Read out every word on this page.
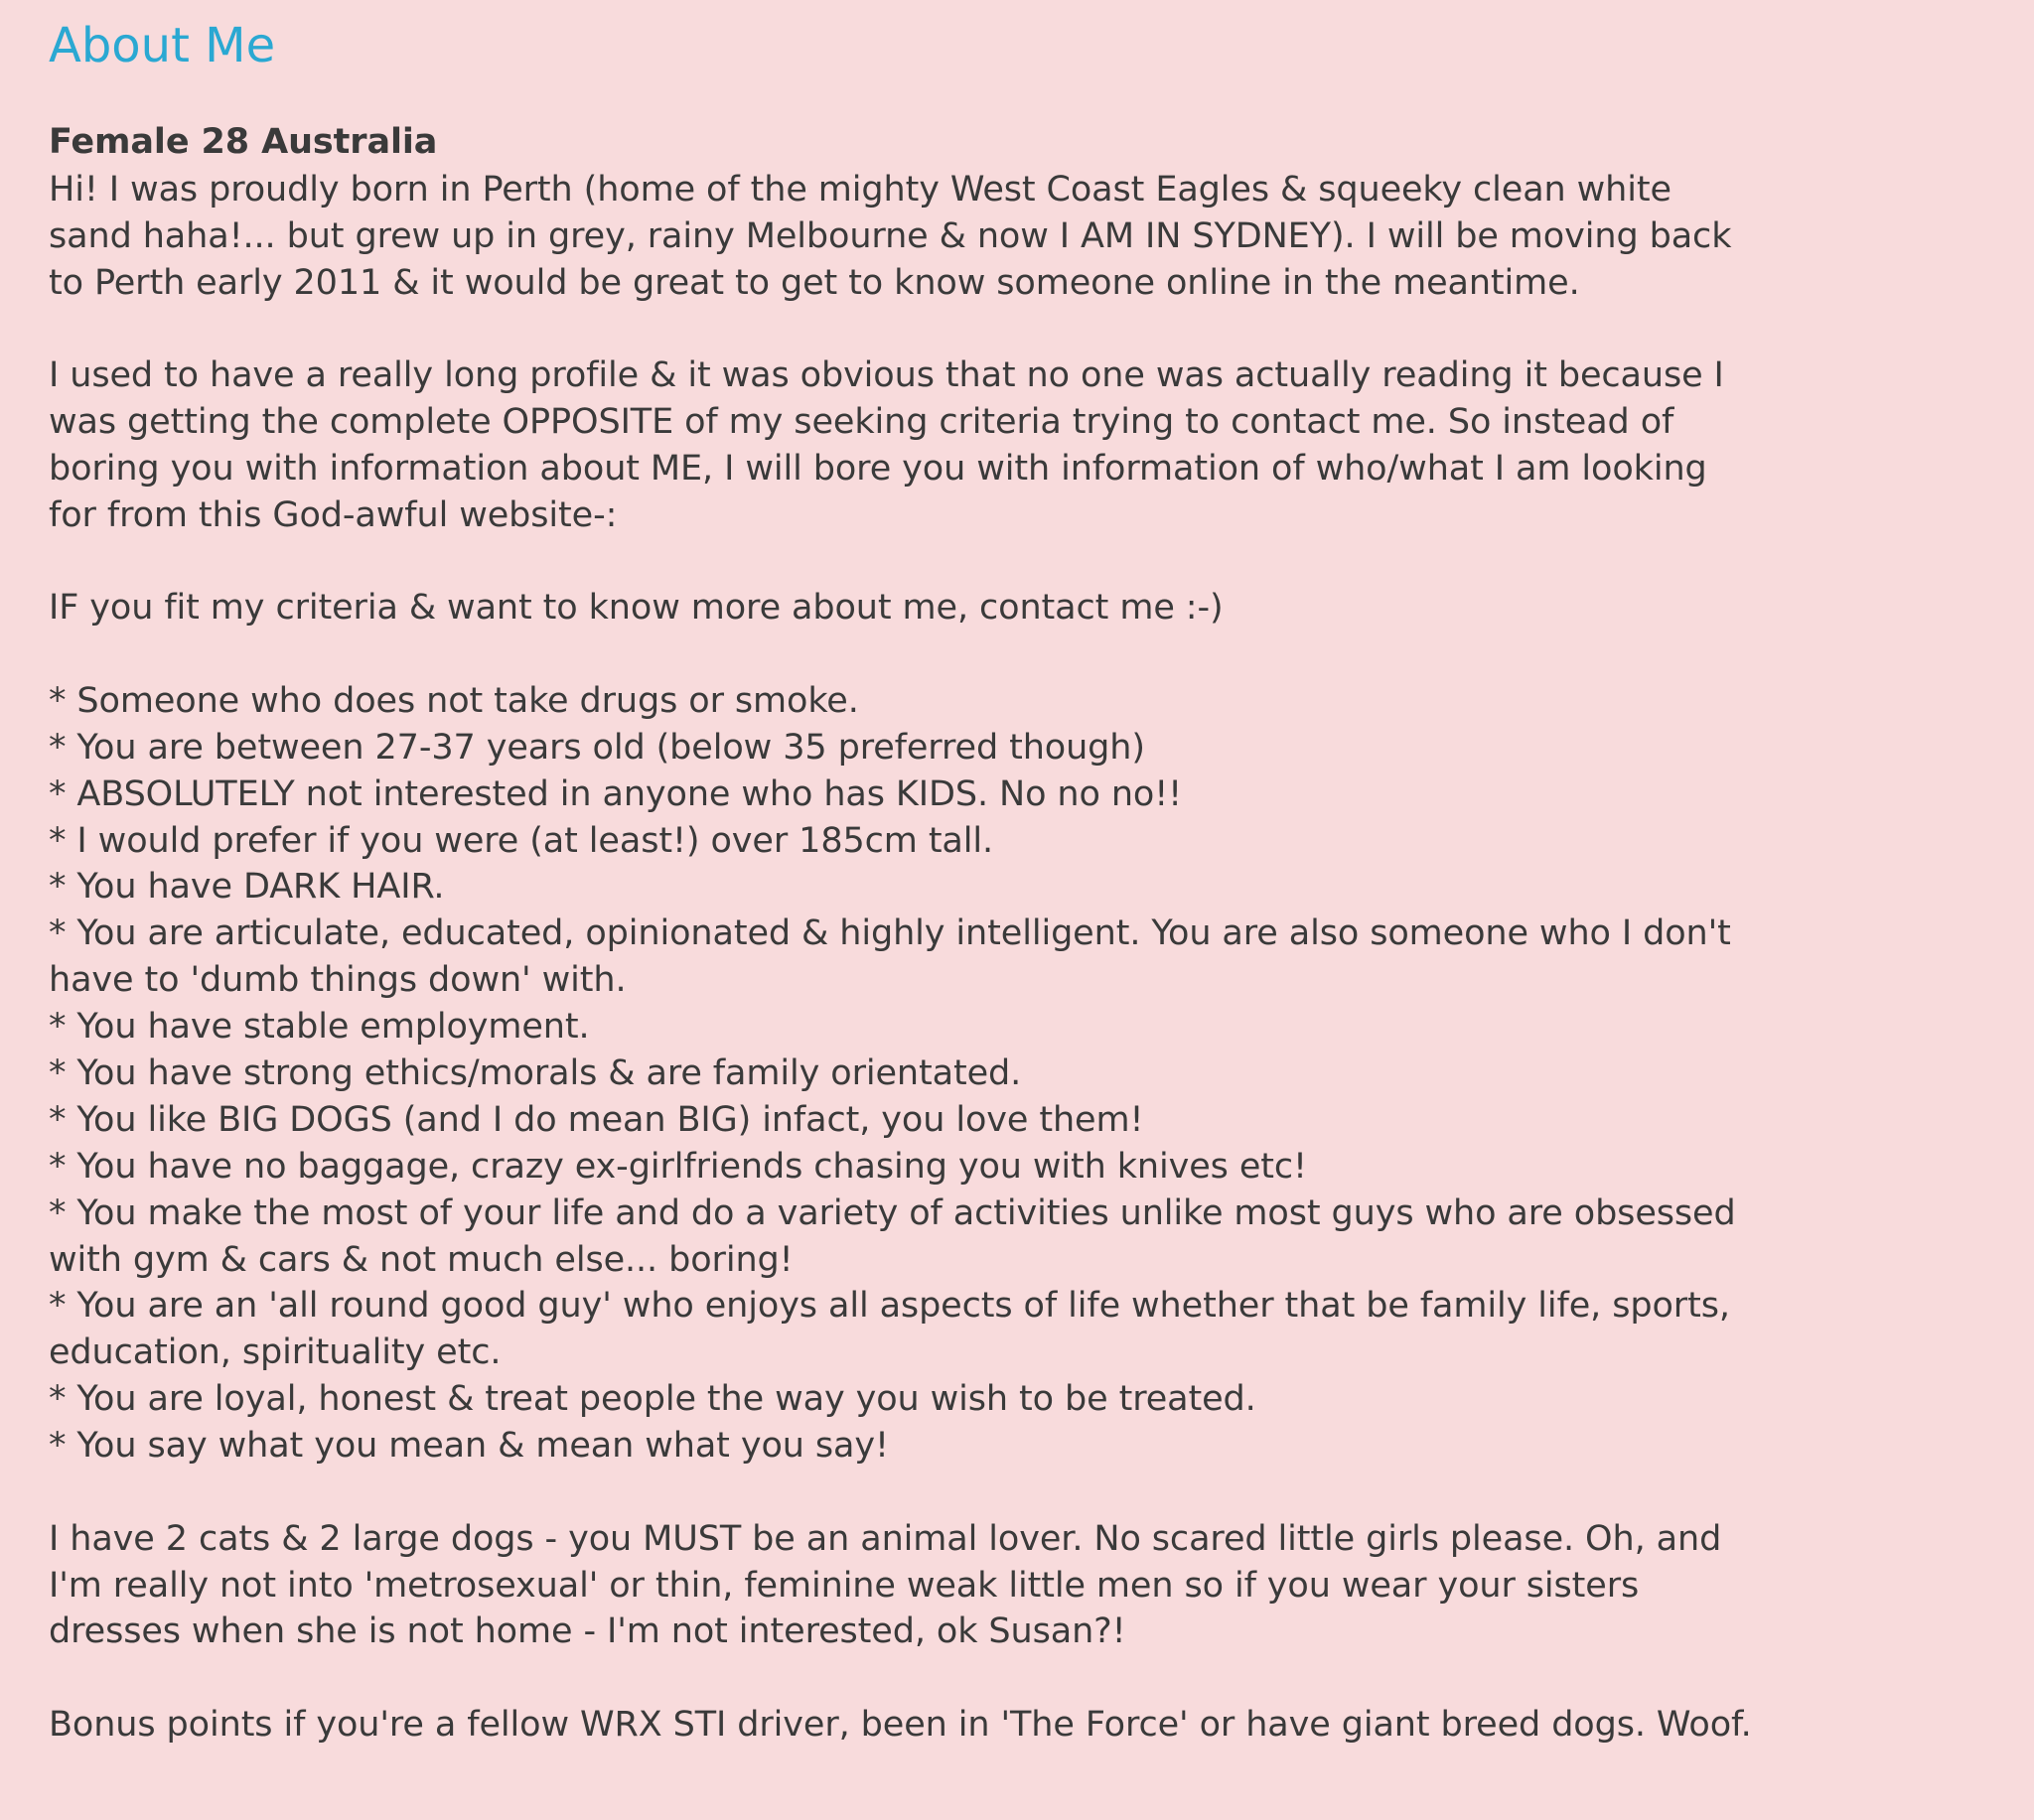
About Me
Female 28 Australia
Hi! I was proudly born in Perth (home of the mighty West Coast Eagles & squeeky clean white
sand haha!... but grew up in grey, rainy Melbourne & now I AM IN SYDNEY). I will be moving back
to Perth early 2011 & it would be great to get to know someone online in the meantime.
I used to have a really long profile & it was obvious that no one was actually reading it because I
was getting the complete OPPOSITE of my seeking criteria trying to contact me. So instead of
boring you with information about ME, I will bore you with information of who/what I am looking
for from this God-awful website-:
IF you fit my criteria & want to know more about me, contact me :-)
* Someone who does not take drugs or smoke.
* You are between 27-37 years old (below 35 preferred though)
* ABSOLUTELY not interested in anyone who has KIDS. No no no!!
* I would prefer if you were (at least!) over 185cm tall.
* You have DARK HAIR.
* You are articulate, educated, opinionated & highly intelligent. You are also someone who I don't
have to 'dumb things down' with.
* You have stable employment.
* You have strong ethics/morals & are family orientated.
* You like BIG DOGS (and I do mean BIG) infact, you love them!
* You have no baggage, crazy ex-girlfriends chasing you with knives etc!
* You make the most of your life and do a variety of activities unlike most guys who are obsessed
with gym & cars & not much else... boring!
* You are an 'all round good guy' who enjoys all aspects of life whether that be family life, sports,
education, spirituality etc.
* You are loyal, honest & treat people the way you wish to be treated.
* You say what you mean & mean what you say!
I have 2 cats & 2 large dogs - you MUST be an animal lover. No scared little girls please. Oh, and
I'm really not into 'metrosexual' or thin, feminine weak little men so if you wear your sisters
dresses when she is not home - I'm not interested, ok Susan?!
Bonus points if you're a fellow WRX STI driver, been in 'The Force' or have giant breed dogs. Woof.
